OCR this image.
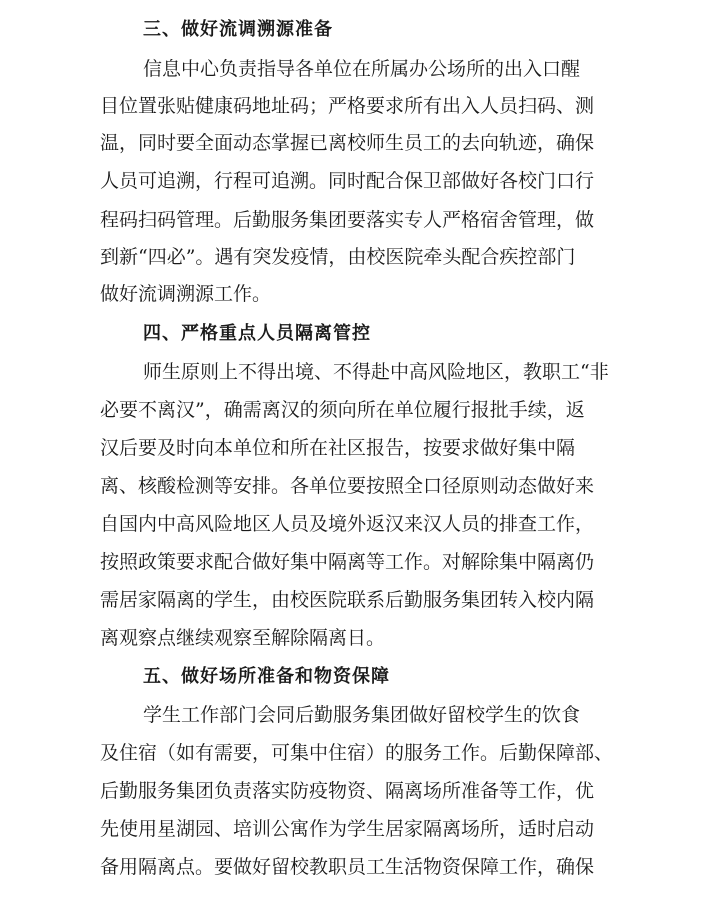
三、做好流调溯源准备
信息中心负责指导各单位在所属办公场所的出入口醒
目位置张贴健康码地址码；严格要求所有出入人员扫码、测
温，同时要全面动态掌握已离校师生员工的去向轨迹，确保
人员可追溯，行程可追溯。同时配合保卫部做好各校门口行
程码扫码管理。后勤服务集团要落实专人严格宿舍管理，做
到新“四必”。遇有突发疫情，由校医院牵头配合疾控部门
做好流调溯源工作。
四、严格重点人员隔离管控
师生原则上不得出境、不得赴中高风险地区，教职工“非
必要不离汉”，确需离汉的须向所在单位履行报批手续，返
汉后要及时向本单位和所在社区报告，按要求做好集中隔
离、核酸检测等安排。各单位要按照全口径原则动态做好来
自国内中高风险地区人员及境外返汉来汉人员的排查工作，
按照政策要求配合做好集中隔离等工作。对解除集中隔离仍
需居家隔离的学生，由校医院联系后勤服务集团转入校内隔
离观察点继续观察至解除隔离日。
五、做好场所准备和物资保障
学生工作部门会同后勤服务集团做好留校学生的饮食
及住宿（如有需要，可集中住宿）的服务工作。后勤保障部、
后勤服务集团负责落实防疫物资、隔离场所准备等工作，优
先使用星湖园、培训公寓作为学生居家隔离场所，适时启动
备用隔离点。要做好留校教职员工生活物资保障工作，确保
